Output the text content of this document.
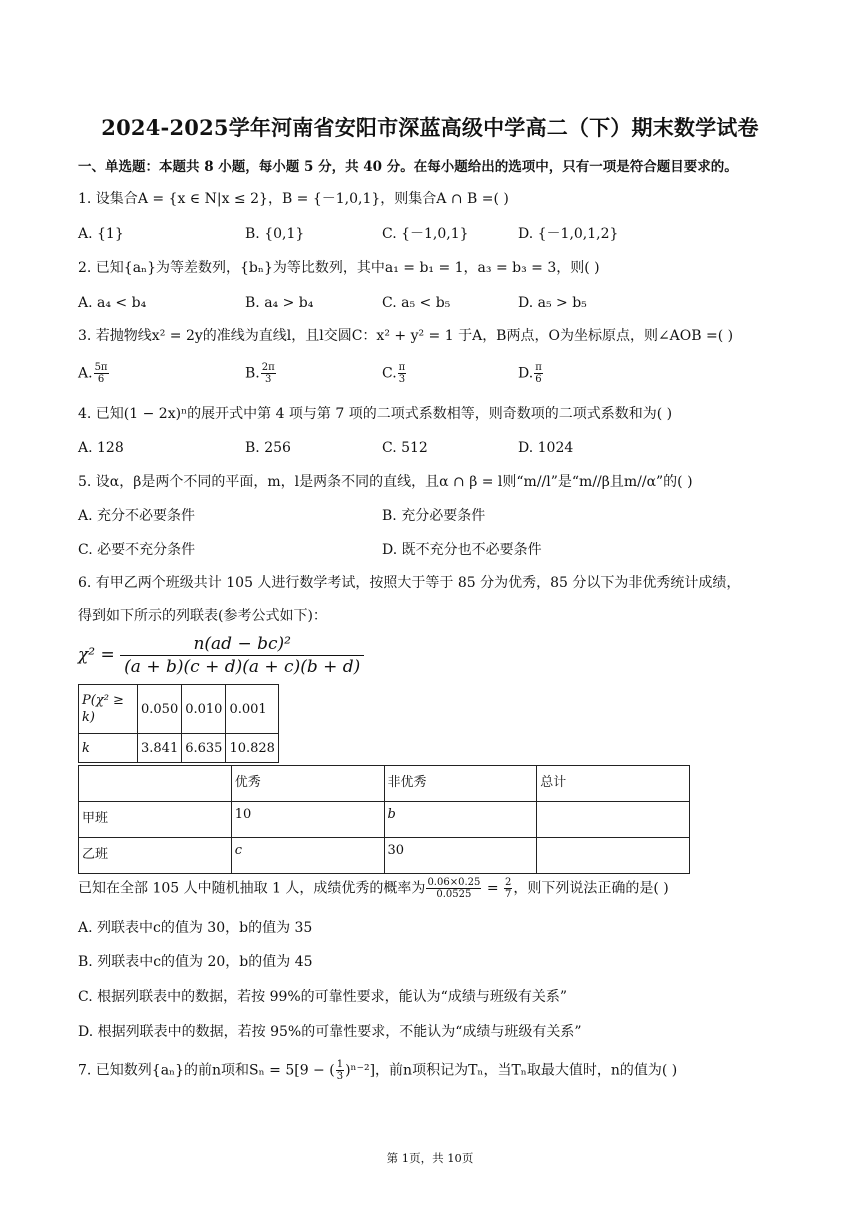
2024-2025学年河南省安阳市深蓝高级中学高二（下）期末数学试卷
一、单选题：本题共 8 小题，每小题 5 分，共 40 分。在每小题给出的选项中，只有一项是符合题目要求的。
1. 设集合A = {x ∈ N|x ≤ 2}，B = {－1,0,1}，则集合A ∩ B =( )
A. {1}	B. {0,1}	C. {－1,0,1}	D. {－1,0,1,2}
2. 已知{aₙ}为等差数列，{bₙ}为等比数列，其中a₁ = b₁ = 1，a₃ = b₃ = 3，则( )
A. a₄ < b₄	B. a₄ > b₄	C. a₅ < b₅	D. a₅ > b₅
3. 若抛物线x² = 2y的准线为直线l，且l交圆C：x² + y² = 1 于A，B两点，O为坐标原点，则∠AOB =( )
A. $\frac{5\pi}{6}$	B. $\frac{2\pi}{3}$	C. $\frac{\pi}{3}$	D. $\frac{\pi}{6}$
4. 已知(1 − 2x)ⁿ的展开式中第 4 项与第 7 项的二项式系数相等，则奇数项的二项式系数和为( )
A. 128	B. 256	C. 512	D. 1024
5. 设α，β是两个不同的平面，m，l是两条不同的直线，且α ∩ β = l则“m//l”是“m//β且m//α”的( )
A. 充分不必要条件	B. 充分必要条件
C. 必要不充分条件	D. 既不充分也不必要条件
6. 有甲乙两个班级共计 105 人进行数学考试，按照大于等于 85 分为优秀，85 分以下为非优秀统计成绩，
得到如下所示的列联表(参考公式如下)：
$\chi^2 = \frac{\text{n(ad − bc)²}}{(a + b)(c + d)(a + c)(b + d)}$
P(χ² ≥ k)	0.050	0.010	0.001
k	3.841	6.635	10.828
	优秀	非优秀	总计
甲班	10	b	
乙班	c	30	
已知在全部 105 人中随机抽取 1 人，成绩优秀的概率为 $\frac{0.06\times 0.25}{0.0525} = \frac{2}{7}$ ，则下列说法正确的是( )
A. 列联表中c的值为 30，b的值为 35
B. 列联表中c的值为 20，b的值为 45
C. 根据列联表中的数据，若按 99%的可靠性要求，能认为“成绩与班级有关系”
D. 根据列联表中的数据，若按 95%的可靠性要求，不能认为“成绩与班级有关系”
7. 已知数列{aₙ}的前n项和Sₙ = 5[9 − ( $\frac{1}{3} )^{n-2}$]，前n项积记为Tₙ，当Tₙ取最大值时，n的值为( )
第 1页，共 10页
